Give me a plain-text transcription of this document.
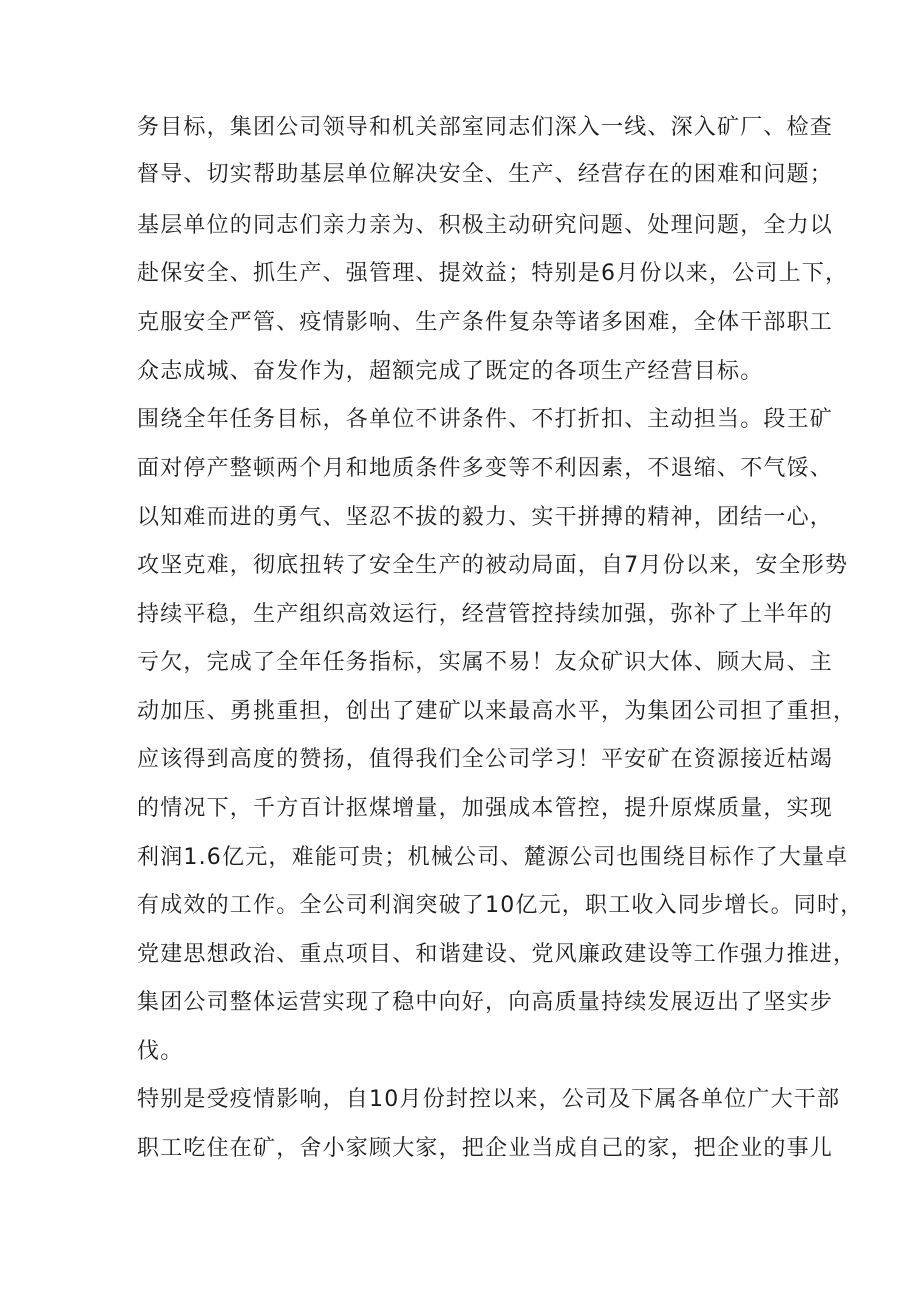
务目标，集团公司领导和机关部室同志们深入一线、深入矿厂、检查
督导、切实帮助基层单位解决安全、生产、经营存在的困难和问题；
基层单位的同志们亲力亲为、积极主动研究问题、处理问题，全力以
赴保安全、抓生产、强管理、提效益；特别是6月份以来，公司上下，
克服安全严管、疫情影响、生产条件复杂等诸多困难，全体干部职工
众志成城、奋发作为，超额完成了既定的各项生产经营目标。
围绕全年任务目标，各单位不讲条件、不打折扣、主动担当。段王矿
面对停产整顿两个月和地质条件多变等不利因素，不退缩、不气馁、
以知难而进的勇气、坚忍不拔的毅力、实干拼搏的精神，团结一心，
攻坚克难，彻底扭转了安全生产的被动局面，自7月份以来，安全形势
持续平稳，生产组织高效运行，经营管控持续加强，弥补了上半年的
亏欠，完成了全年任务指标，实属不易！友众矿识大体、顾大局、主
动加压、勇挑重担，创出了建矿以来最高水平，为集团公司担了重担，
应该得到高度的赞扬，值得我们全公司学习！平安矿在资源接近枯竭
的情况下，千方百计抠煤增量，加强成本管控，提升原煤质量，实现
利润1.6亿元，难能可贵；机械公司、麓源公司也围绕目标作了大量卓
有成效的工作。全公司利润突破了10亿元，职工收入同步增长。同时，
党建思想政治、重点项目、和谐建设、党风廉政建设等工作强力推进，
集团公司整体运营实现了稳中向好，向高质量持续发展迈出了坚实步
伐。
特别是受疫情影响，自10月份封控以来，公司及下属各单位广大干部
职工吃住在矿，舍小家顾大家，把企业当成自己的家，把企业的事儿
